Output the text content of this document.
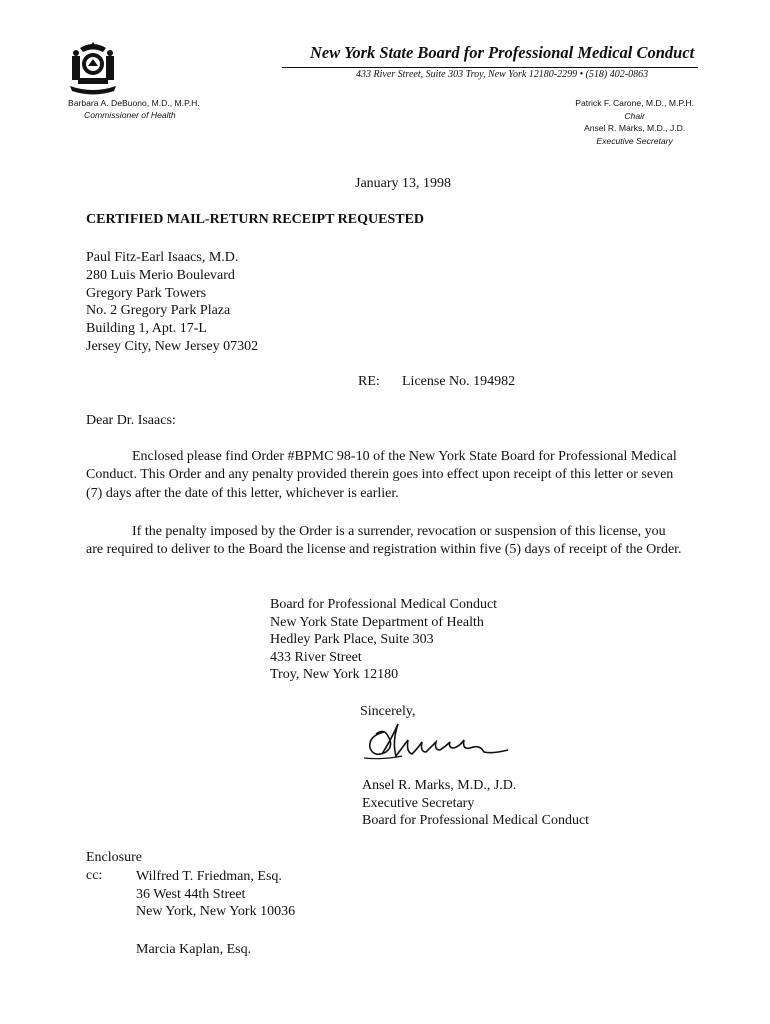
New York State Board for Professional Medical Conduct
433 River Street, Suite 303 Troy, New York 12180-2299 • (518) 402-0863
Barbara A. DeBuono, M.D., M.P.H.
Commissioner of Health
Patrick F. Carone, M.D., M.P.H.
Chair
Ansel R. Marks, M.D., J.D.
Executive Secretary
January 13, 1998
CERTIFIED MAIL-RETURN RECEIPT REQUESTED
Paul Fitz-Earl Isaacs, M.D.
280 Luis Merio Boulevard
Gregory Park Towers
No. 2 Gregory Park Plaza
Building 1, Apt. 17-L
Jersey City, New Jersey 07302
RE: License No. 194982
Dear Dr. Isaacs:
Enclosed please find Order #BPMC 98-10 of the New York State Board for Professional Medical Conduct. This Order and any penalty provided therein goes into effect upon receipt of this letter or seven (7) days after the date of this letter, whichever is earlier.
If the penalty imposed by the Order is a surrender, revocation or suspension of this license, you are required to deliver to the Board the license and registration within five (5) days of receipt of the Order.
Board for Professional Medical Conduct
New York State Department of Health
Hedley Park Place, Suite 303
433 River Street
Troy, New York 12180
Sincerely,
Ansel R. Marks, M.D., J.D.
Executive Secretary
Board for Professional Medical Conduct
Enclosure
cc: Wilfred T. Friedman, Esq.
36 West 44th Street
New York, New York 10036
Marcia Kaplan, Esq.
